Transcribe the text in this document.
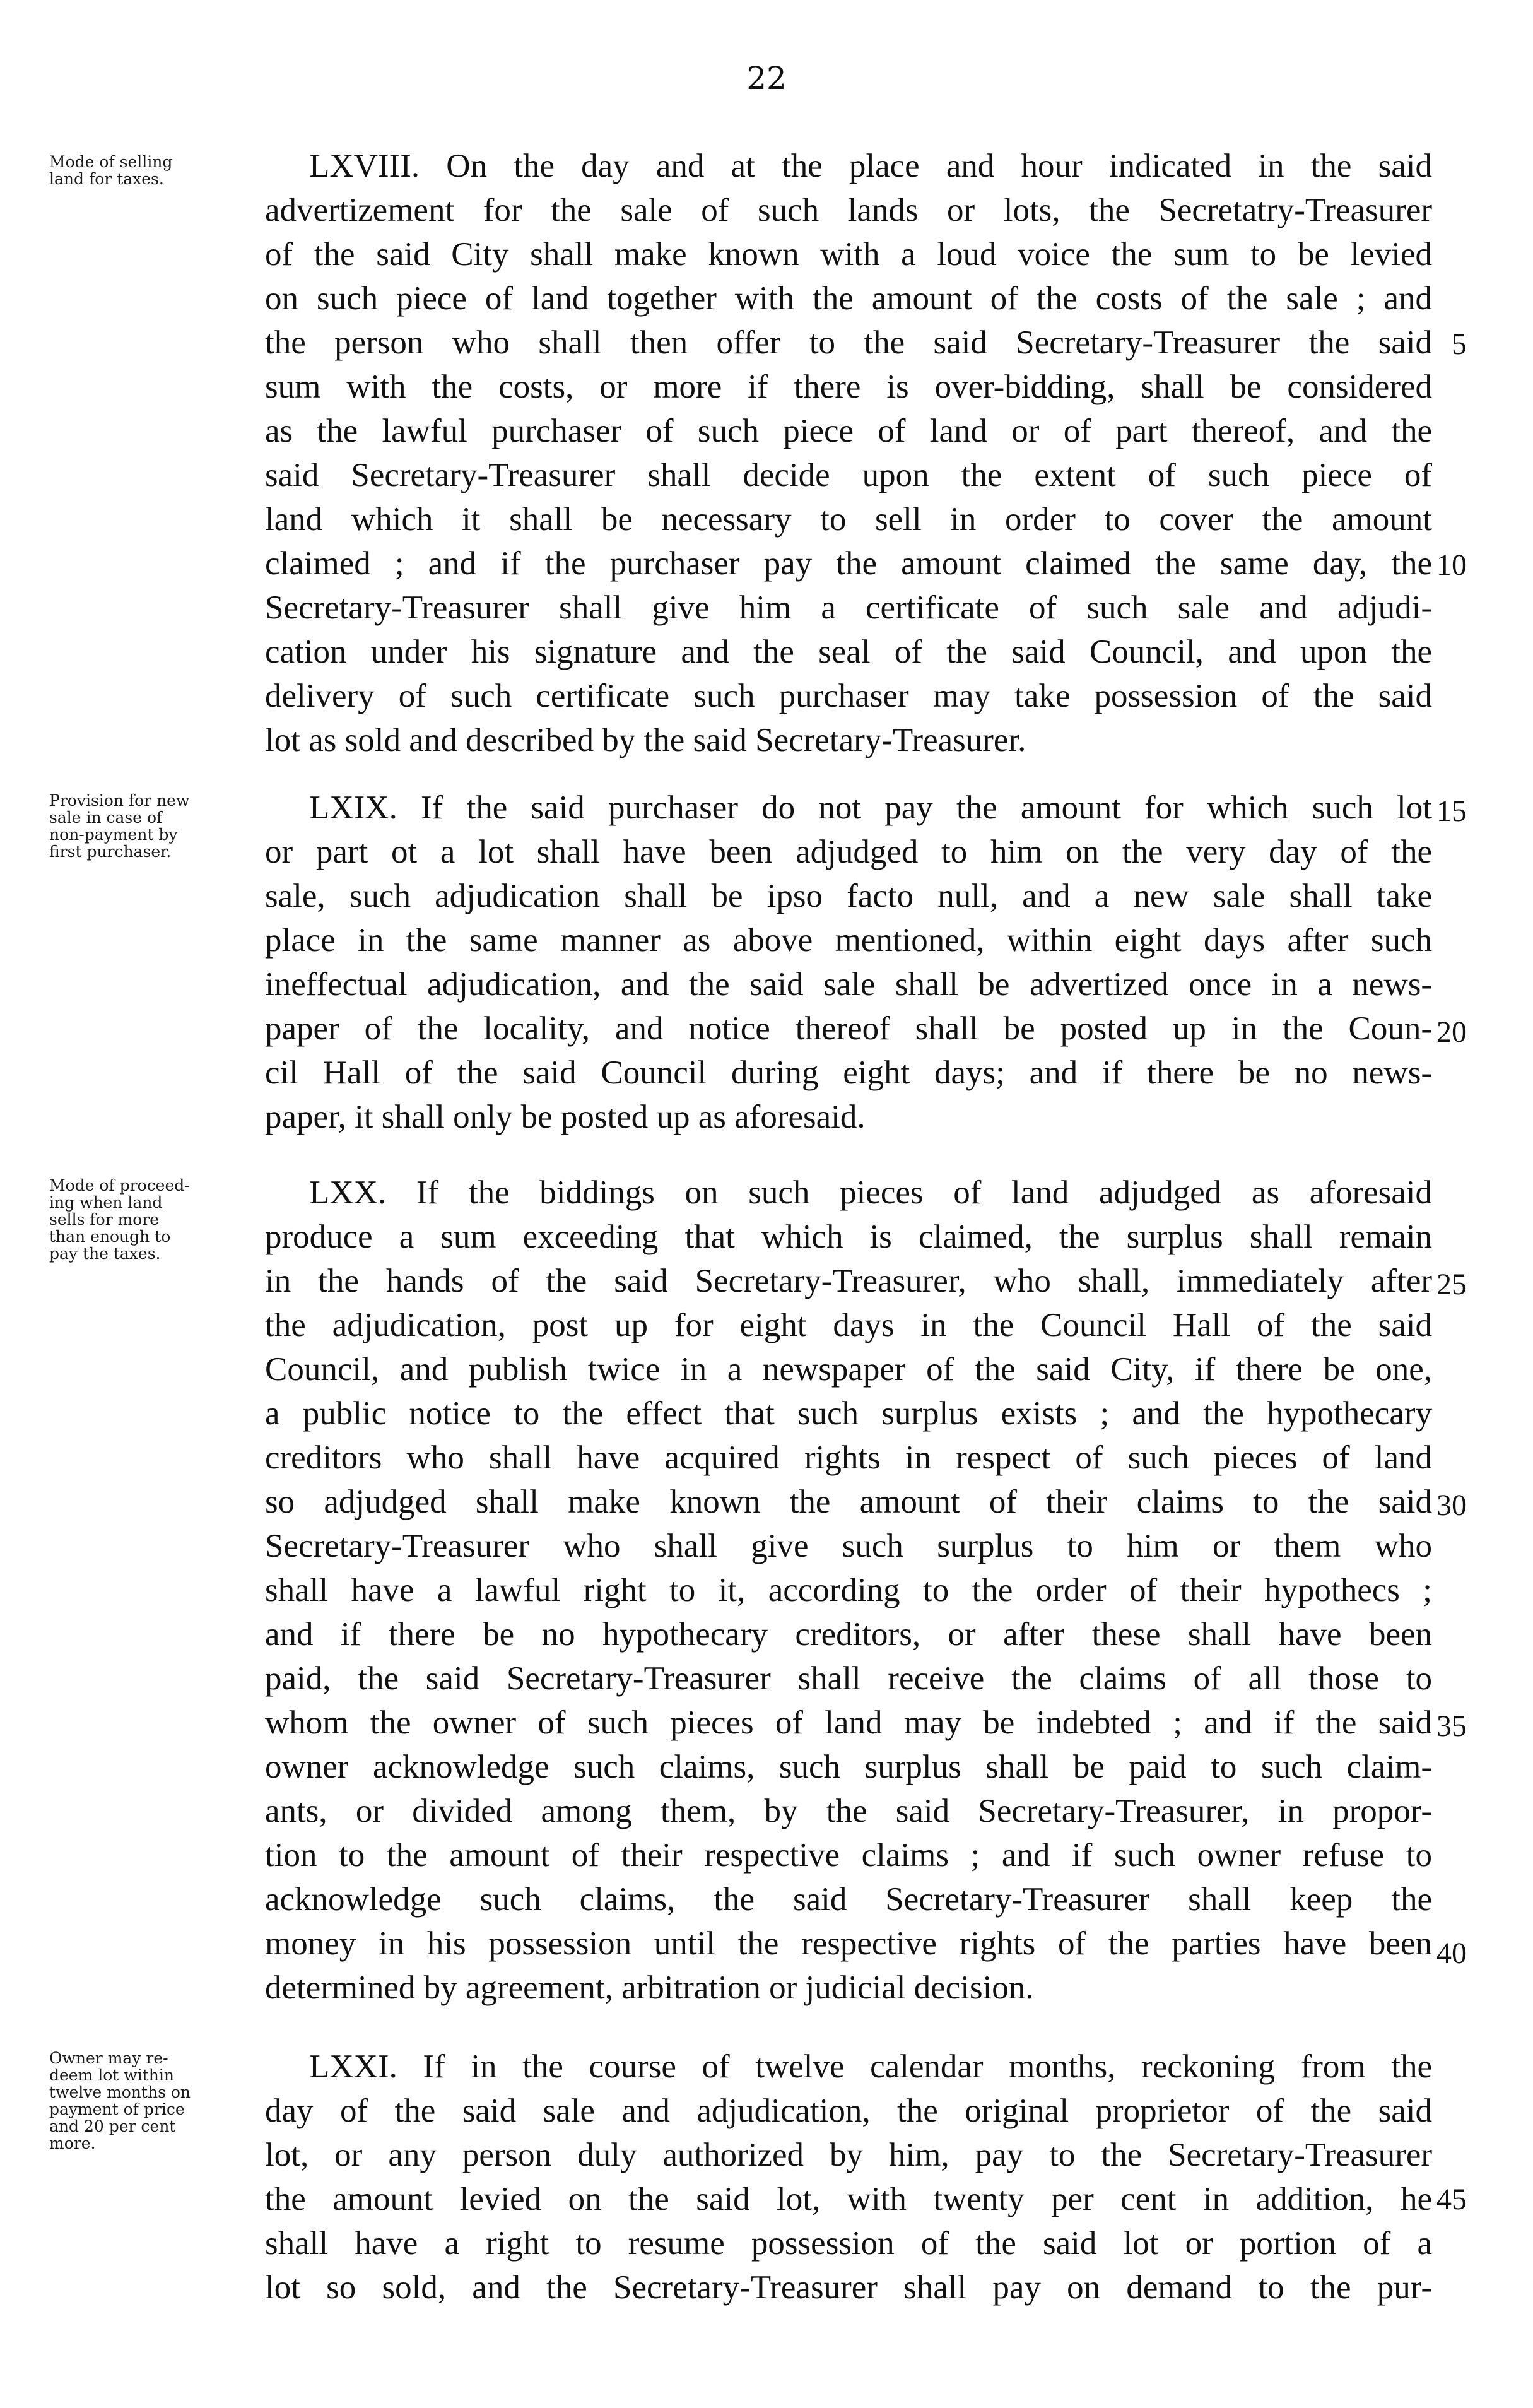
22
Mode of selling
land for taxes.	LXVIII. On the day and at the place and hour indicated in the said
advertizement for the sale of such lands or lots, the Secretatry-Treasurer
of the said City shall make known with a loud voice the sum to be levied
on such piece of land together with the amount of the costs of the sale ; and
the person who shall then offer to the said Secretary-Treasurer the said
sum with the costs, or more if there is over-bidding, shall be considered
as the lawful purchaser of such piece of land or of part thereof, and the
said Secretary-Treasurer shall decide upon the extent of such piece of
land which it shall be necessary to sell in order to cover the amount
claimed ; and if the purchaser pay the amount claimed the same day, the
Secretary-Treasurer shall give him a certificate of such sale and adjudi-
cation under his signature and the seal of the said Council, and upon the
delivery of such certificate such purchaser may take possession of the said
lot as sold and described by the said Secretary-Treasurer.
Provision for new
sale in case of
non-payment by
first purchaser.
LXIX. If the said purchaser do not pay the amount for which such lot
or part ot a lot shall have been adjudged to him on the very day of the
sale, such adjudication shall be ipso facto null, and a new sale shall take
place in the same manner as above mentioned, within eight days after such
ineffectual adjudication, and the said sale shall be advertized once in a news-
paper of the locality, and notice thereof shall be posted up in the Coun-
cil Hall of the said Council during eight days; and if there be no news-
paper, it shall only be posted up as aforesaid.
Mode of proceed-
ing when land
sells for more
than enough to
pay the taxes.
LXX. If the biddings on such pieces of land adjudged as aforesaid
produce a sum exceeding that which is claimed, the surplus shall remain
in the hands of the said Secretary-Treasurer, who shall, immediately after
the adjudication, post up for eight days in the Council Hall of the said
Council, and publish twice in a newspaper of the said City, if there be one,
a public notice to the effect that such surplus exists ; and the hypothecary
creditors who shall have acquired rights in respect of such pieces of land
so adjudged shall make known the amount of their claims to the said
Secretary-Treasurer who shall give such surplus to him or them who
shall have a lawful right to it, according to the order of their hypothecs ;
and if there be no hypothecary creditors, or after these shall have been
paid, the said Secretary-Treasurer shall receive the claims of all those to
whom the owner of such pieces of land may be indebted ; and if the said
owner acknowledge such claims, such surplus shall be paid to such claim-
ants, or divided among them, by the said Secretary-Treasurer, in propor-
tion to the amount of their respective claims ; and if such owner refuse to
acknowledge such claims, the said Secretary-Treasurer shall keep the
money in his possession until the respective rights of the parties have been
determined by agreement, arbitration or judicial decision.
Owner may re-
deem lot within
twelve months on
payment of price
and 20 per cent
more.
LXXI. If in the course of twelve calendar months, reckoning from the
day of the said sale and adjudication, the original proprietor of the said
lot, or any person duly authorized by him, pay to the Secretary-Treasurer
the amount levied on the said lot, with twenty per cent in addition, he
shall have a right to resume possession of the said lot or portion of a
lot so sold, and the Secretary-Treasurer shall pay on demand to the pur-
5
10
15
20
25
30
35
40
45
